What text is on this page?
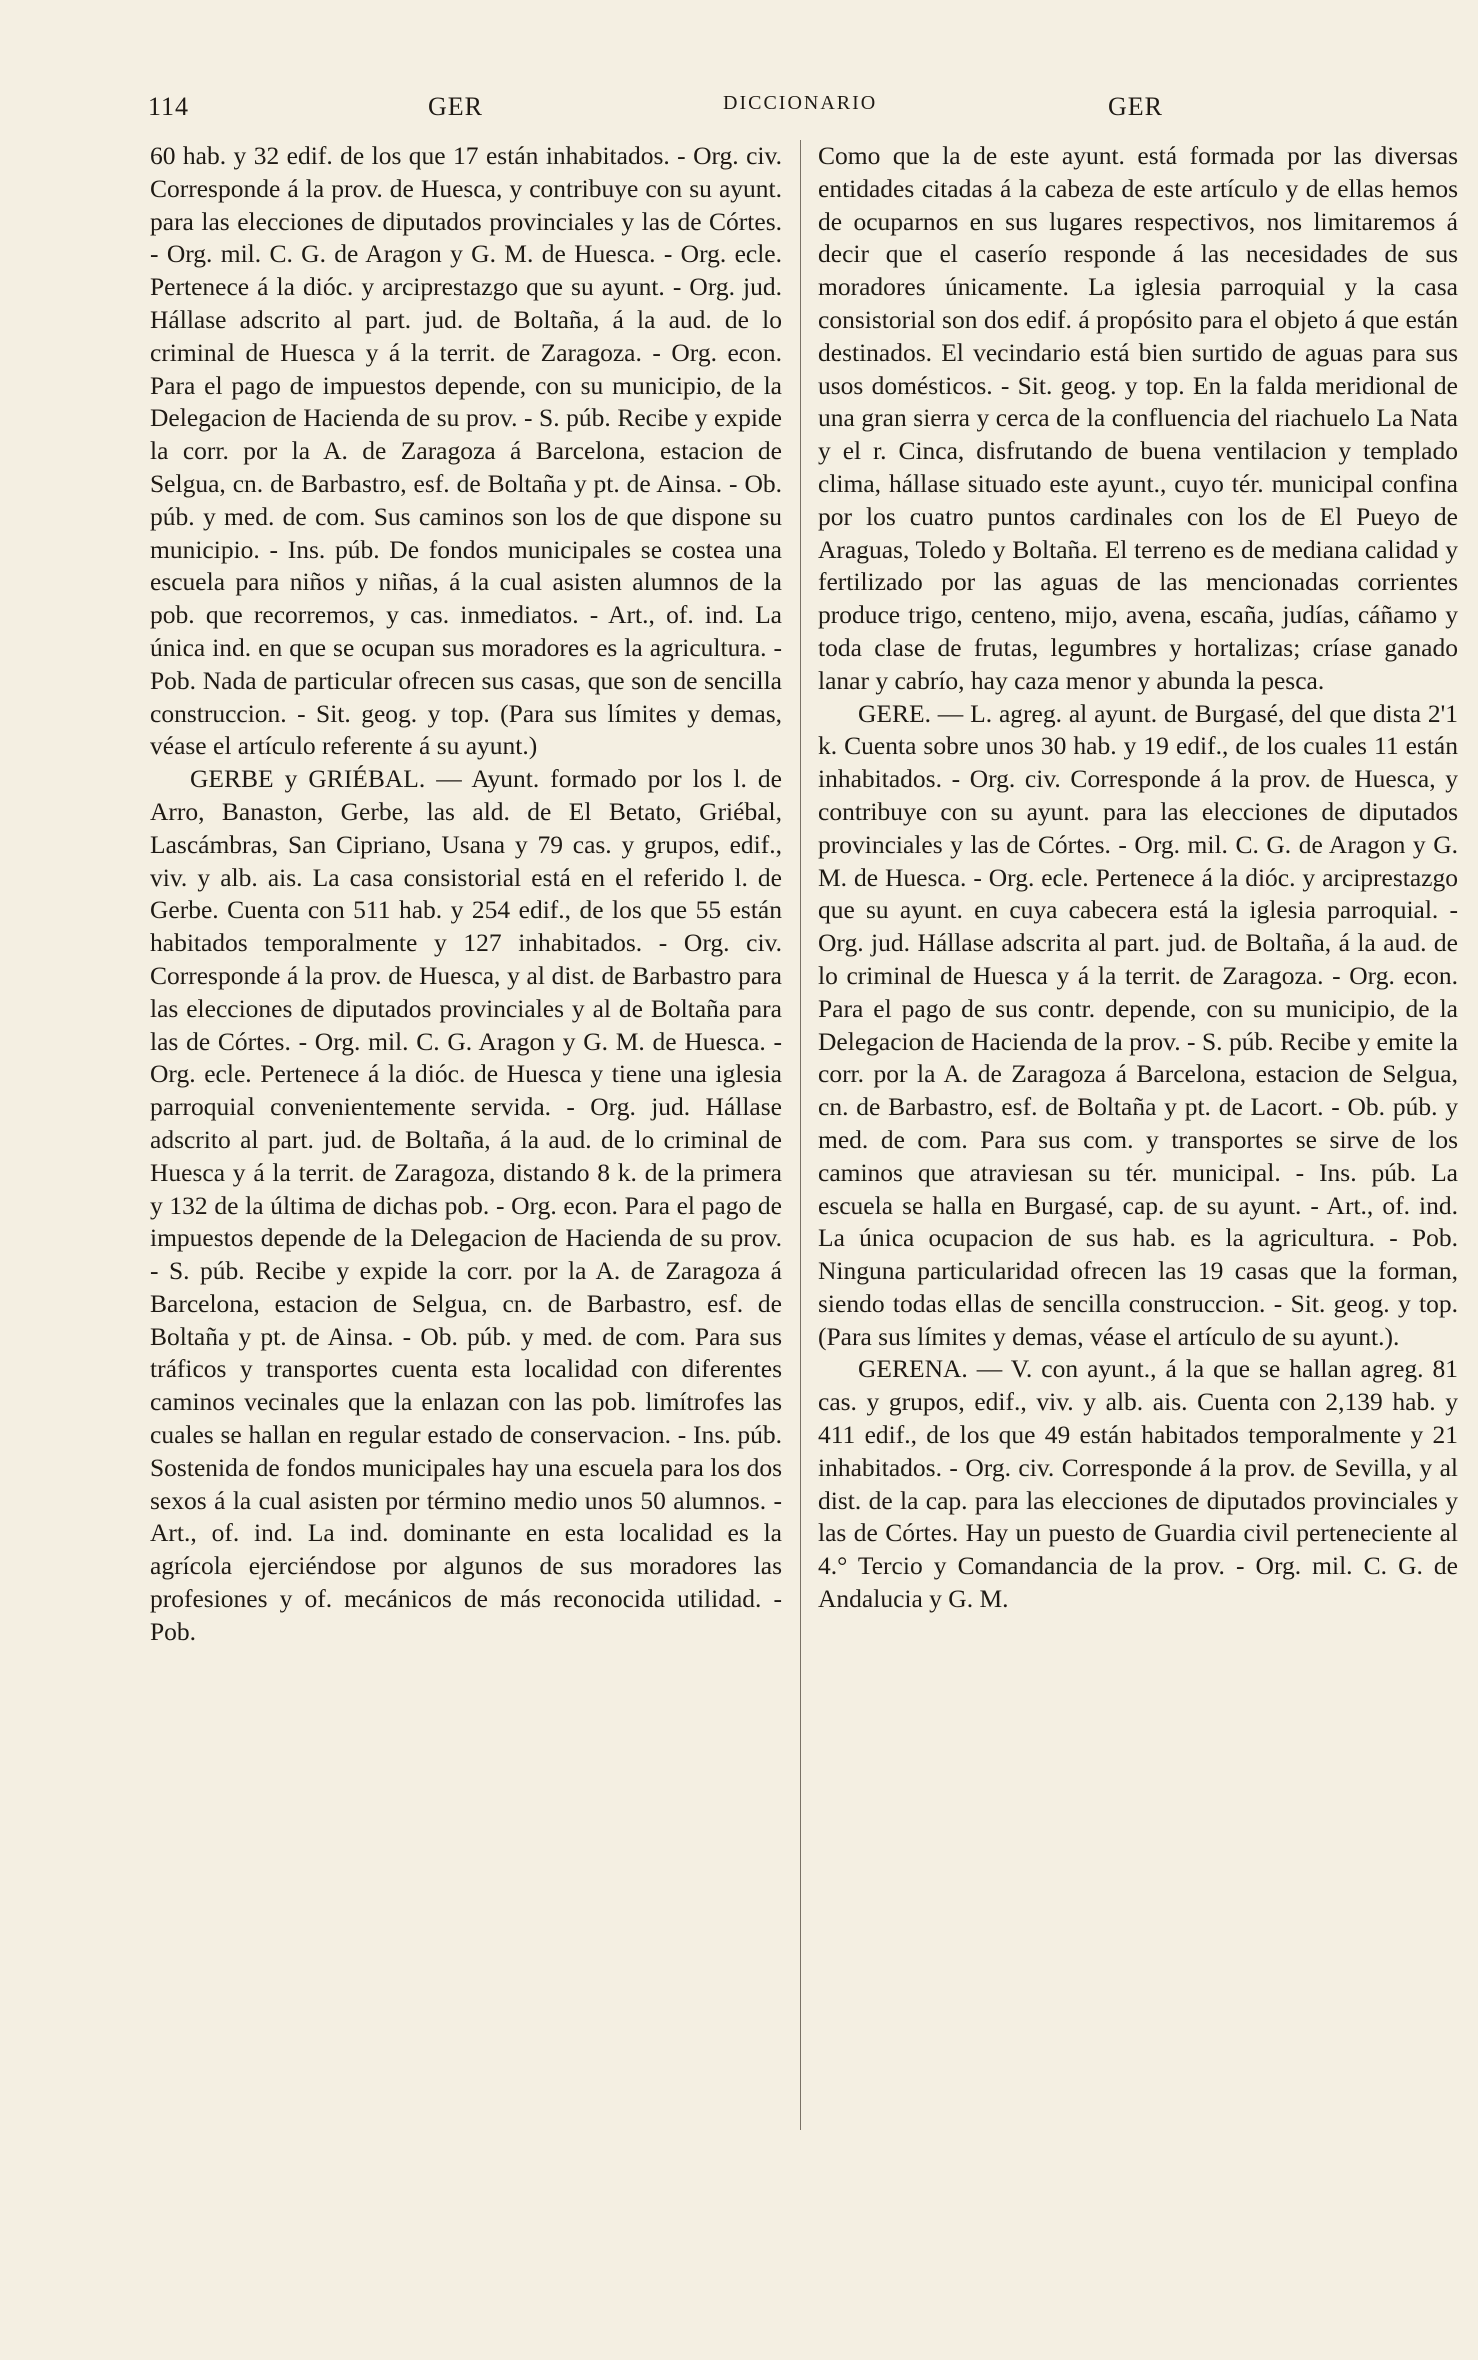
114	GER	DICCIONARIO	GER

60 hab. y 32 edif. de los que 17 están inhabitados. - Org. civ. Corresponde á la prov. de Huesca, y contribuye con su ayunt. para las elecciones de diputados provinciales y las de Córtes. - Org. mil. C. G. de Aragon y G. M. de Huesca. - Org. ecle. Pertenece á la dióc. y arciprestazgo que su ayunt. - Org. jud. Hállase adscrito al part. jud. de Boltaña, á la aud. de lo criminal de Huesca y á la territ. de Zaragoza. - Org. econ. Para el pago de impuestos depende, con su municipio, de la Delegacion de Hacienda de su prov. - S. púb. Recibe y expide la corr. por la A. de Zaragoza á Barcelona, estacion de Selgua, cn. de Barbastro, esf. de Boltaña y pt. de Ainsa. - Ob. púb. y med. de com. Sus caminos son los de que dispone su municipio. - Ins. púb. De fondos municipales se costea una escuela para niños y niñas, á la cual asisten alumnos de la pob. que recorremos, y cas. inmediatos. - Art., of. ind. La única ind. en que se ocupan sus moradores es la agricultura. - Pob. Nada de particular ofrecen sus casas, que son de sencilla construccion. - Sit. geog. y top. (Para sus límites y demas, véase el artículo referente á su ayunt.)

GERBE y GRIÉBAL. — Ayunt. formado por los l. de Arro, Banaston, Gerbe, las ald. de El Betato, Griébal, Lascámbras, San Cipriano, Usana y 79 cas. y grupos, edif., viv. y alb. ais. La casa consistorial está en el referido l. de Gerbe. Cuenta con 511 hab. y 254 edif., de los que 55 están habitados temporalmente y 127 inhabitados. - Org. civ. Corresponde á la prov. de Huesca, y al dist. de Barbastro para las elecciones de diputados provinciales y al de Boltaña para las de Córtes. - Org. mil. C. G. Aragon y G. M. de Huesca. - Org. ecle. Pertenece á la dióc. de Huesca y tiene una iglesia parroquial convenientemente servida. - Org. jud. Hállase adscrito al part. jud. de Boltaña, á la aud. de lo criminal de Huesca y á la territ. de Zaragoza, distando 8 k. de la primera y 132 de la última de dichas pob. - Org. econ. Para el pago de impuestos depende de la Delegacion de Hacienda de su prov. - S. púb. Recibe y expide la corr. por la A. de Zaragoza á Barcelona, estacion de Selgua, cn. de Barbastro, esf. de Boltaña y pt. de Ainsa. - Ob. púb. y med. de com. Para sus tráficos y transportes cuenta esta localidad con diferentes caminos vecinales que la enlazan con las pob. limítrofes las cuales se hallan en regular estado de conservacion. - Ins. púb. Sostenida de fondos municipales hay una escuela para los dos sexos á la cual asisten por término medio unos 50 alumnos. - Art., of. ind. La ind. dominante en esta localidad es la agrícola ejerciéndose por algunos de sus moradores las profesiones y of. mecánicos de más reconocida utilidad. - Pob.

Como que la de este ayunt. está formada por las diversas entidades citadas á la cabeza de este artículo y de ellas hemos de ocuparnos en sus lugares respectivos, nos limitaremos á decir que el caserío responde á las necesidades de sus moradores únicamente. La iglesia parroquial y la casa consistorial son dos edif. á propósito para el objeto á que están destinados. El vecindario está bien surtido de aguas para sus usos domésticos. - Sit. geog. y top. En la falda meridional de una gran sierra y cerca de la confluencia del riachuelo La Nata y el r. Cinca, disfrutando de buena ventilacion y templado clima, hállase situado este ayunt., cuyo tér. municipal confina por los cuatro puntos cardinales con los de El Pueyo de Araguas, Toledo y Boltaña. El terreno es de mediana calidad y fertilizado por las aguas de las mencionadas corrientes produce trigo, centeno, mijo, avena, escaña, judías, cáñamo y toda clase de frutas, legumbres y hortalizas; críase ganado lanar y cabrío, hay caza menor y abunda la pesca.

GERE. — L. agreg. al ayunt. de Burgasé, del que dista 2'1 k. Cuenta sobre unos 30 hab. y 19 edif., de los cuales 11 están inhabitados. - Org. civ. Corresponde á la prov. de Huesca, y contribuye con su ayunt. para las elecciones de diputados provinciales y las de Córtes. - Org. mil. C. G. de Aragon y G. M. de Huesca. - Org. ecle. Pertenece á la dióc. y arciprestazgo que su ayunt. en cuya cabecera está la iglesia parroquial. - Org. jud. Hállase adscrita al part. jud. de Boltaña, á la aud. de lo criminal de Huesca y á la territ. de Zaragoza. - Org. econ. Para el pago de sus contr. depende, con su municipio, de la Delegacion de Hacienda de la prov. - S. púb. Recibe y emite la corr. por la A. de Zaragoza á Barcelona, estacion de Selgua, cn. de Barbastro, esf. de Boltaña y pt. de Lacort. - Ob. púb. y med. de com. Para sus com. y transportes se sirve de los caminos que atraviesan su tér. municipal. - Ins. púb. La escuela se halla en Burgasé, cap. de su ayunt. - Art., of. ind. La única ocupacion de sus hab. es la agricultura. - Pob. Ninguna particularidad ofrecen las 19 casas que la forman, siendo todas ellas de sencilla construccion. - Sit. geog. y top. (Para sus límites y demas, véase el artículo de su ayunt.).

GERENA. — V. con ayunt., á la que se hallan agreg. 81 cas. y grupos, edif., viv. y alb. ais. Cuenta con 2,139 hab. y 411 edif., de los que 49 están habitados temporalmente y 21 inhabitados. - Org. civ. Corresponde á la prov. de Sevilla, y al dist. de la cap. para las elecciones de diputados provinciales y las de Córtes. Hay un puesto de Guardia civil perteneciente al 4.° Tercio y Comandancia de la prov. - Org. mil. C. G. de Andalucia y G. M.
